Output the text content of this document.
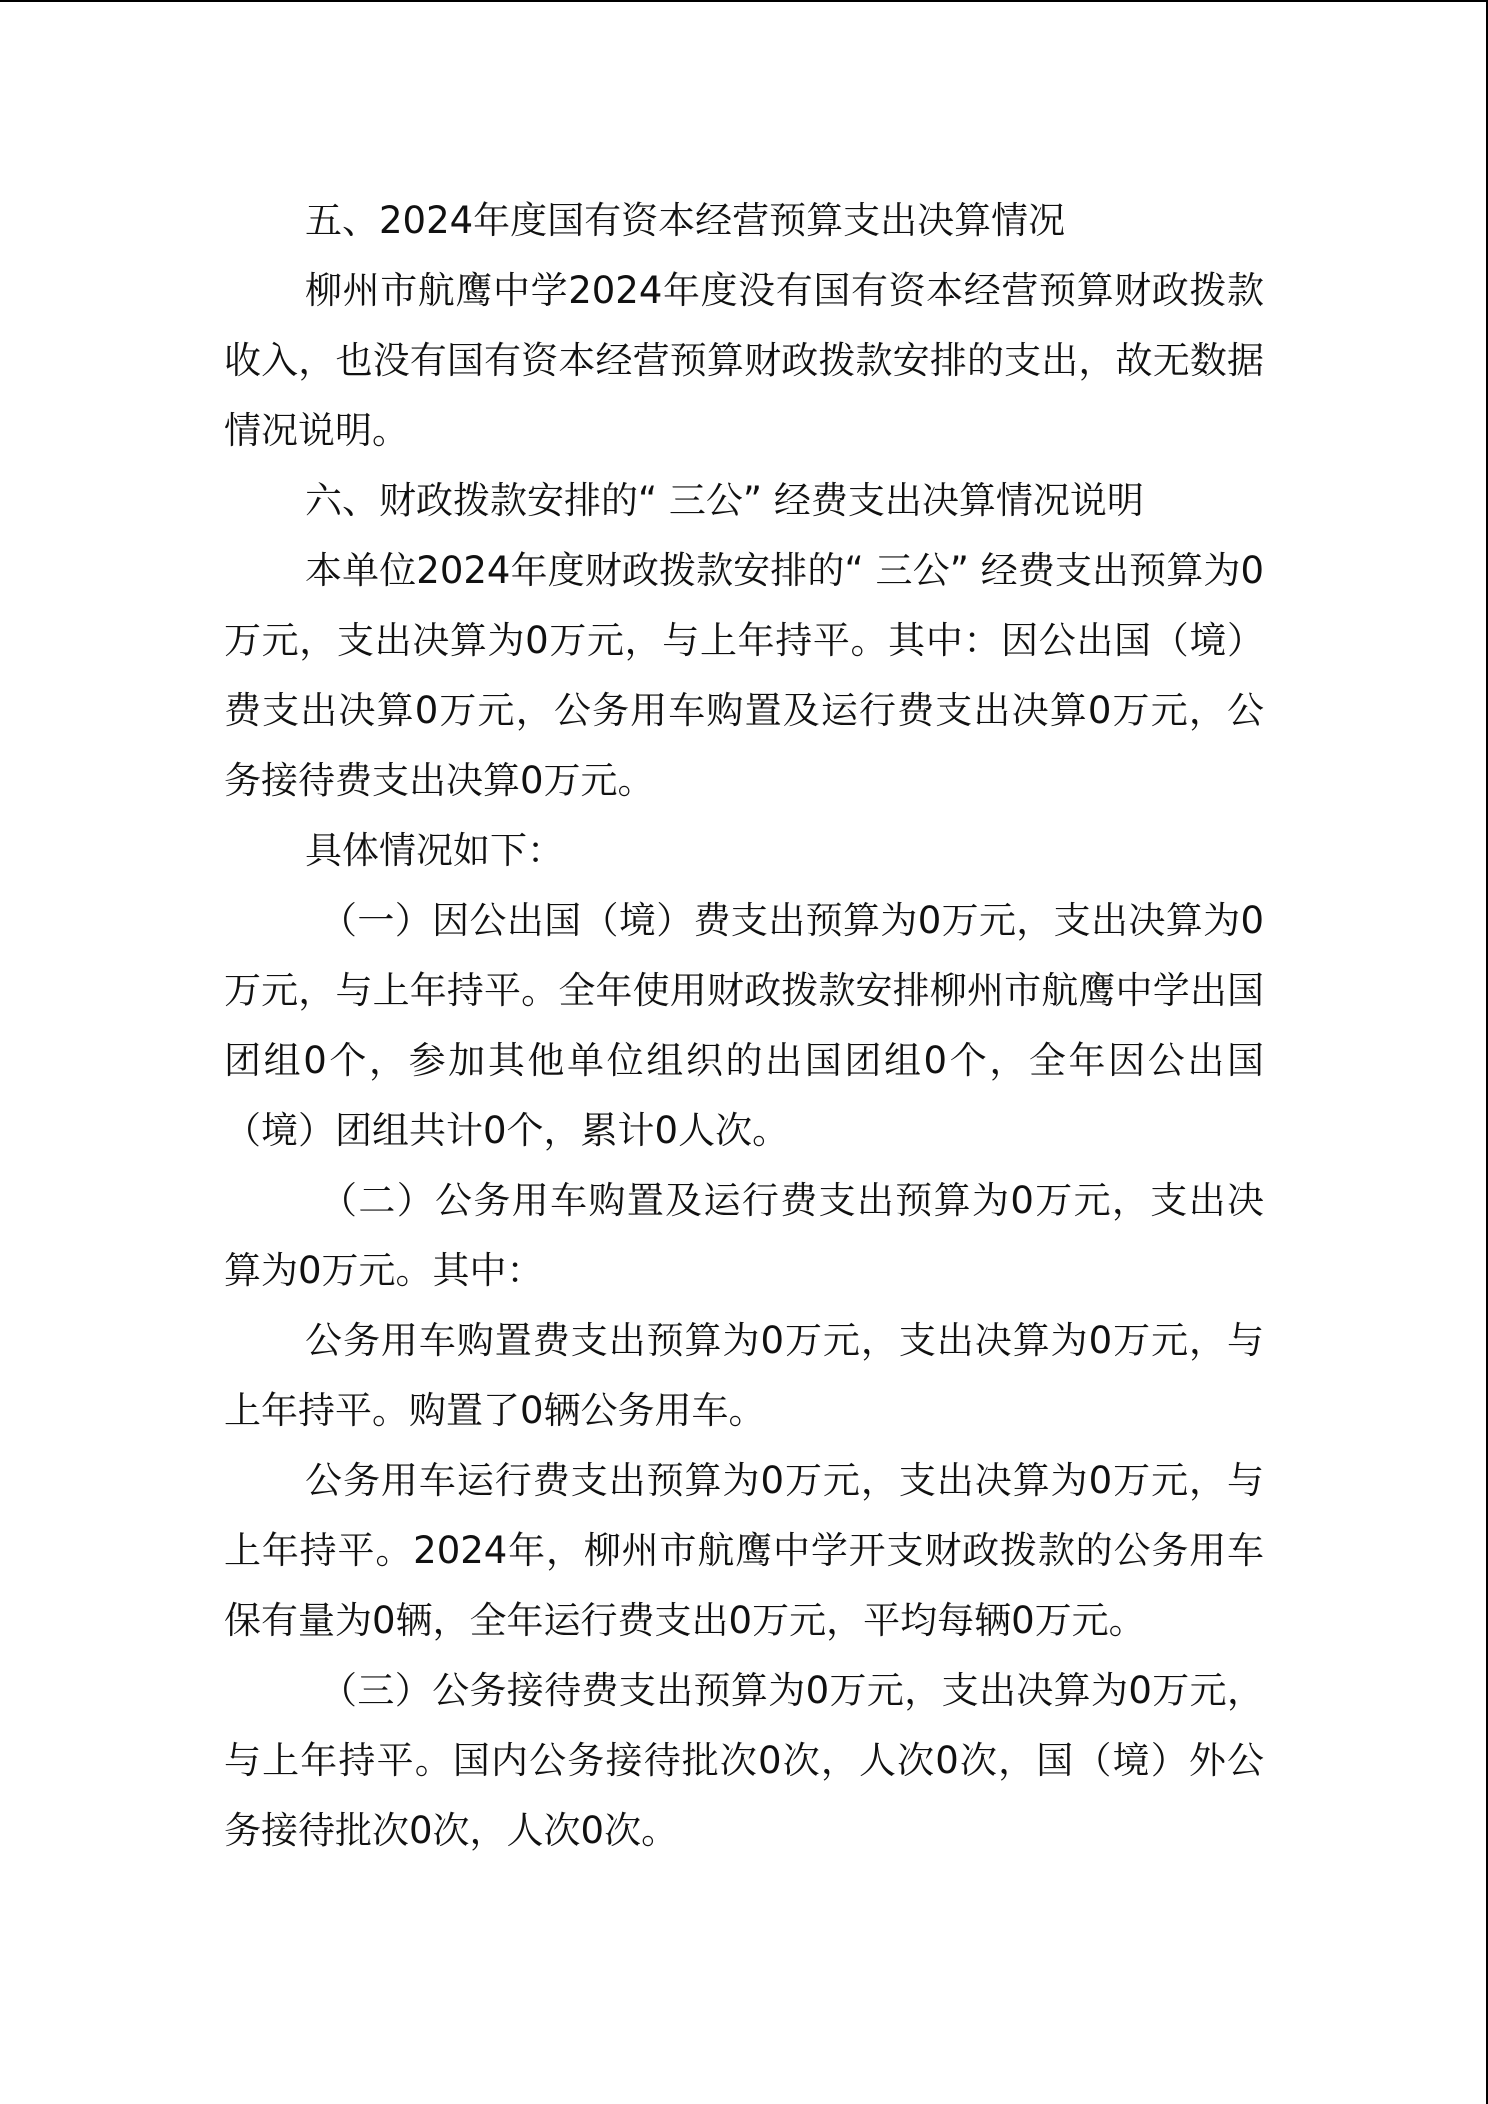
五、2024年度国有资本经营预算支出决算情况

柳州市航鹰中学2024年度没有国有资本经营预算财政拨款收入，也没有国有资本经营预算财政拨款安排的支出，故无数据情况说明。

六、财政拨款安排的“ 三公” 经费支出决算情况说明

本单位2024年度财政拨款安排的“ 三公” 经费支出预算为0万元，支出决算为0万元，与上年持平。其中：因公出国（境）费支出决算0万元，公务用车购置及运行费支出决算0万元，公务接待费支出决算0万元。

具体情况如下：

（一）因公出国（境）费支出预算为0万元，支出决算为0万元，与上年持平。全年使用财政拨款安排柳州市航鹰中学出国团组0个，参加其他单位组织的出国团组0个，全年因公出国（境）团组共计0个，累计0人次。

（二）公务用车购置及运行费支出预算为0万元，支出决算为0万元。其中：

公务用车购置费支出预算为0万元，支出决算为0万元，与上年持平。购置了0辆公务用车。

公务用车运行费支出预算为0万元，支出决算为0万元，与上年持平。2024年，柳州市航鹰中学开支财政拨款的公务用车保有量为0辆，全年运行费支出0万元，平均每辆0万元。

（三）公务接待费支出预算为0万元，支出决算为0万元，与上年持平。国内公务接待批次0次，人次0次，国（境）外公务接待批次0次，人次0次。
